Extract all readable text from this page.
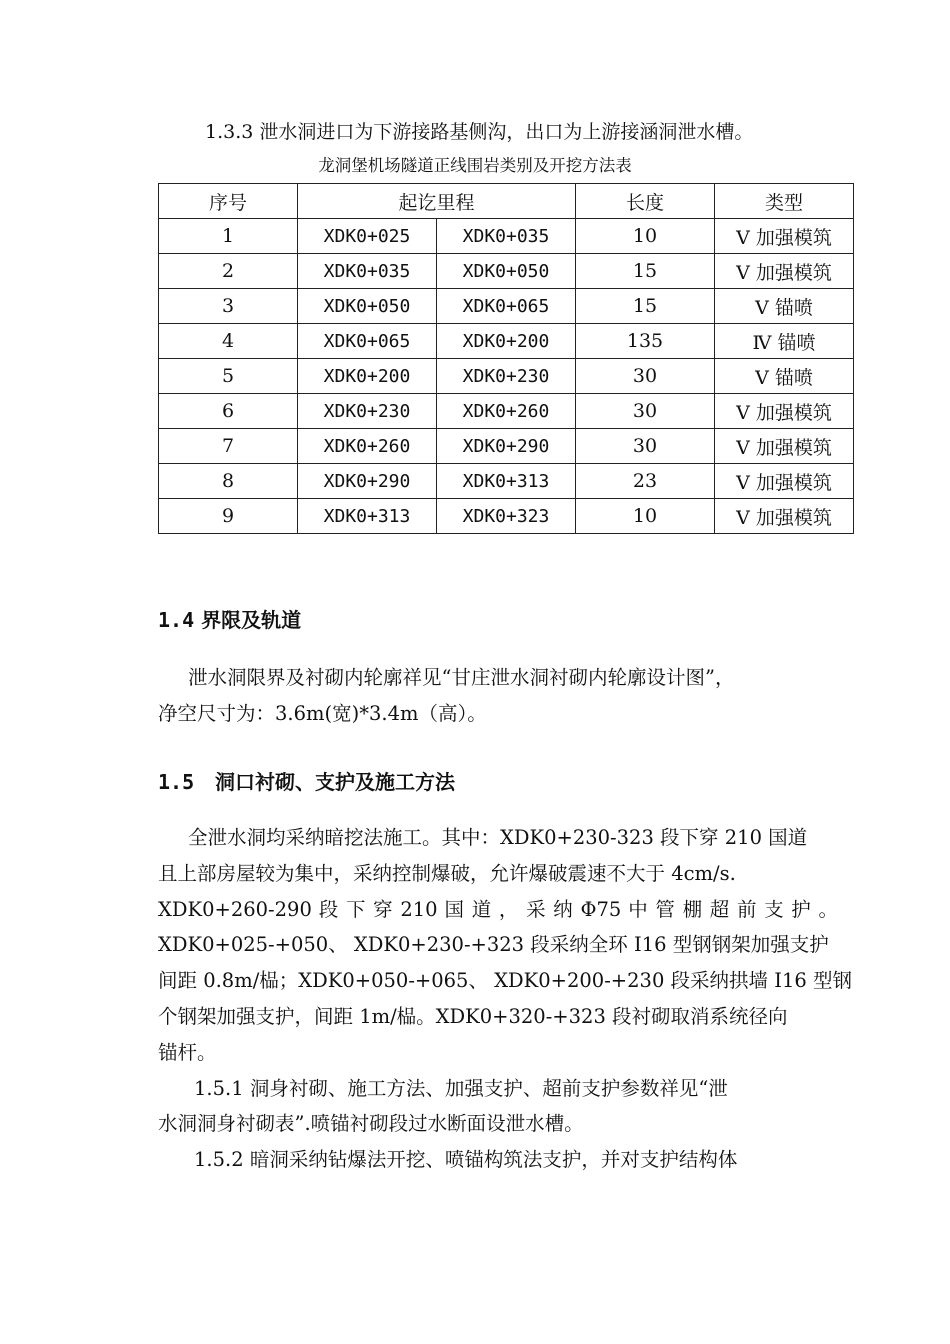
1.3.3 泄水洞进口为下游接路基侧沟，出口为上游接涵洞泄水槽。
龙洞堡机场隧道正线围岩类别及开挖方法表
序号	起讫里程		长度	类型
1	XDK0+025	XDK0+035	10	Ⅴ 加强模筑
2	XDK0+035	XDK0+050	15	Ⅴ 加强模筑
3	XDK0+050	XDK0+065	15	Ⅴ 锚喷
4	XDK0+065	XDK0+200	135	Ⅳ 锚喷
5	XDK0+200	XDK0+230	30	Ⅴ 锚喷
6	XDK0+230	XDK0+260	30	Ⅴ 加强模筑
7	XDK0+260	XDK0+290	30	Ⅴ 加强模筑
8	XDK0+290	XDK0+313	23	Ⅴ 加强模筑
9	XDK0+313	XDK0+323	10	Ⅴ 加强模筑
1.4 界限及轨道
泄水洞限界及衬砌内轮廓祥见“甘庄泄水洞衬砌内轮廓设计图”，
净空尺寸为：3.6m(宽)*3.4m（高）。
1.5 洞口衬砌、支护及施工方法
全泄水洞均采纳暗挖法施工。其中：XDK0+230-323 段下穿 210 国道
且上部房屋较为集中，采纳控制爆破，允许爆破震速不大于 4cm/s.
XDK0+260-290 段 下 穿 210 国 道 ， 采 纳 Φ75 中 管 棚 超 前 支 护 。
XDK0+025-+050、 XDK0+230-+323 段采纳全环 I16 型钢钢架加强支护
间距 0.8m/榀；XDK0+050-+065、 XDK0+200-+230 段采纳拱墙 I16 型钢
个钢架加强支护，间距 1m/榀。XDK0+320-+323 段衬砌取消系统径向
锚杆。
1.5.1 洞身衬砌、施工方法、加强支护、超前支护参数祥见“泄
水洞洞身衬砌表”.喷锚衬砌段过水断面设泄水槽。
1.5.2 暗洞采纳钻爆法开挖、喷锚构筑法支护，并对支护结构体
